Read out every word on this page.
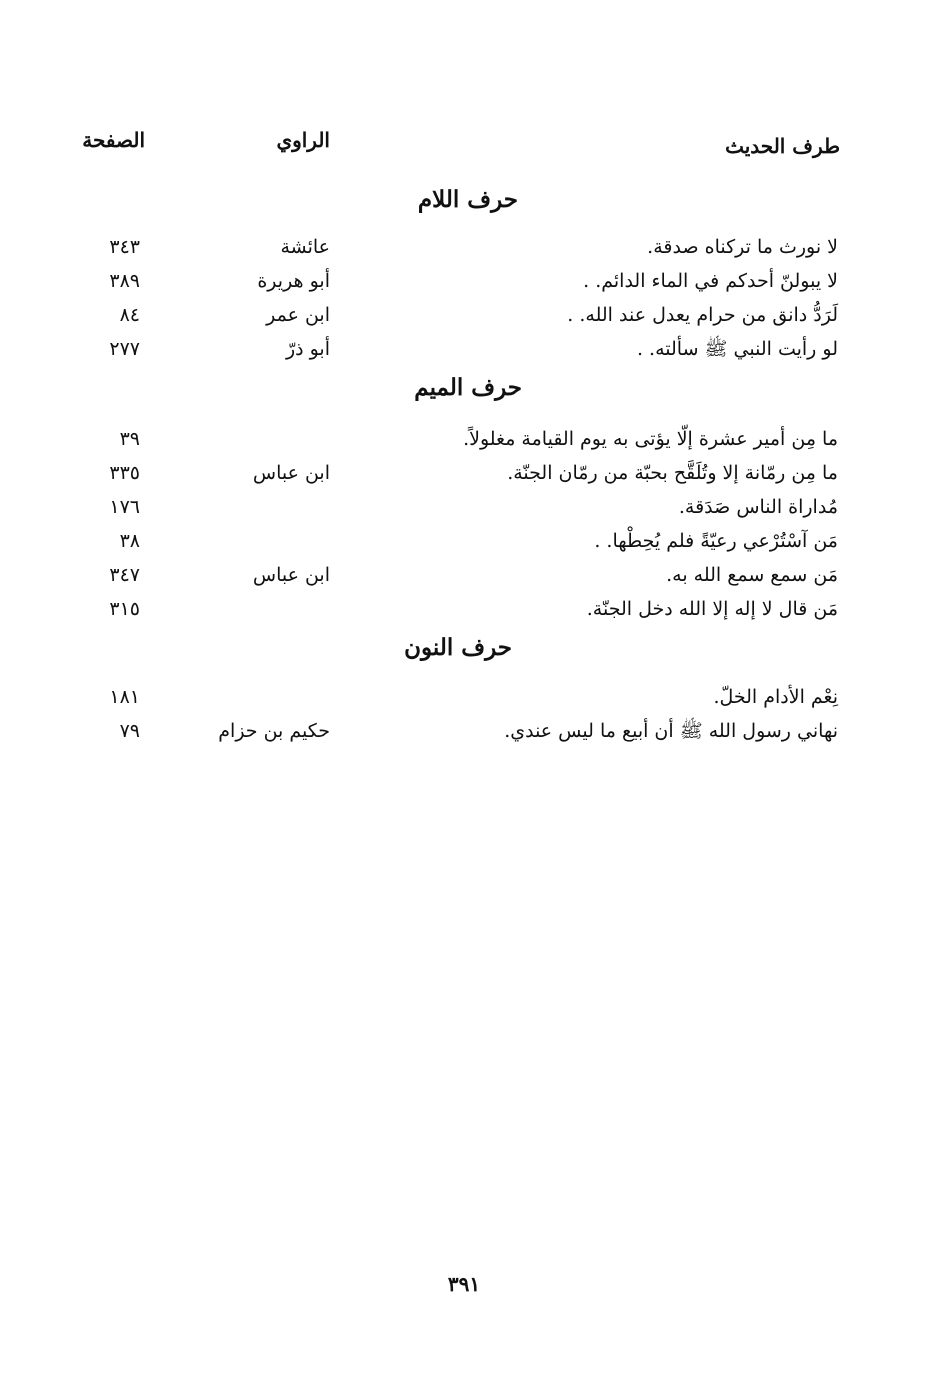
طرف الحديث
الراوي
الصفحة
حرف اللام
لا نورث ما تركناه صدقة.
عائشة
٣٤٣
لا يبولنّ أحدكم في الماء الدائم. .
أبو هريرة
٣٨٩
لَرَدُّ دانق من حرام يعدل عند الله. .
ابن عمر
٨٤
لو رأيت النبي ﷺ سألته. .
أبو ذرّ
٢٧٧
حرف الميم
ما مِن أمير عشرة إلّا يؤتى به يوم القيامة مغلولاً.
٣٩
ما مِن رمّانة إلا وتُلَقَّح بحبّة من رمّان الجنّة.
ابن عباس
٣٣٥
مُداراة الناس صَدَقة.
١٧٦
مَن آسْتُرْعي رعيّةً فلم يُحِطْها. .
٣٨
مَن سمع سمع الله به.
ابن عباس
٣٤٧
مَن قال لا إله إلا الله دخل الجنّة.
٣١٥
حرف النون
نِعْم الأدام الخلّ.
١٨١
نهاني رسول الله ﷺ أن أبيع ما ليس عندي.
حكيم بن حزام
٧٩
٣٩١
